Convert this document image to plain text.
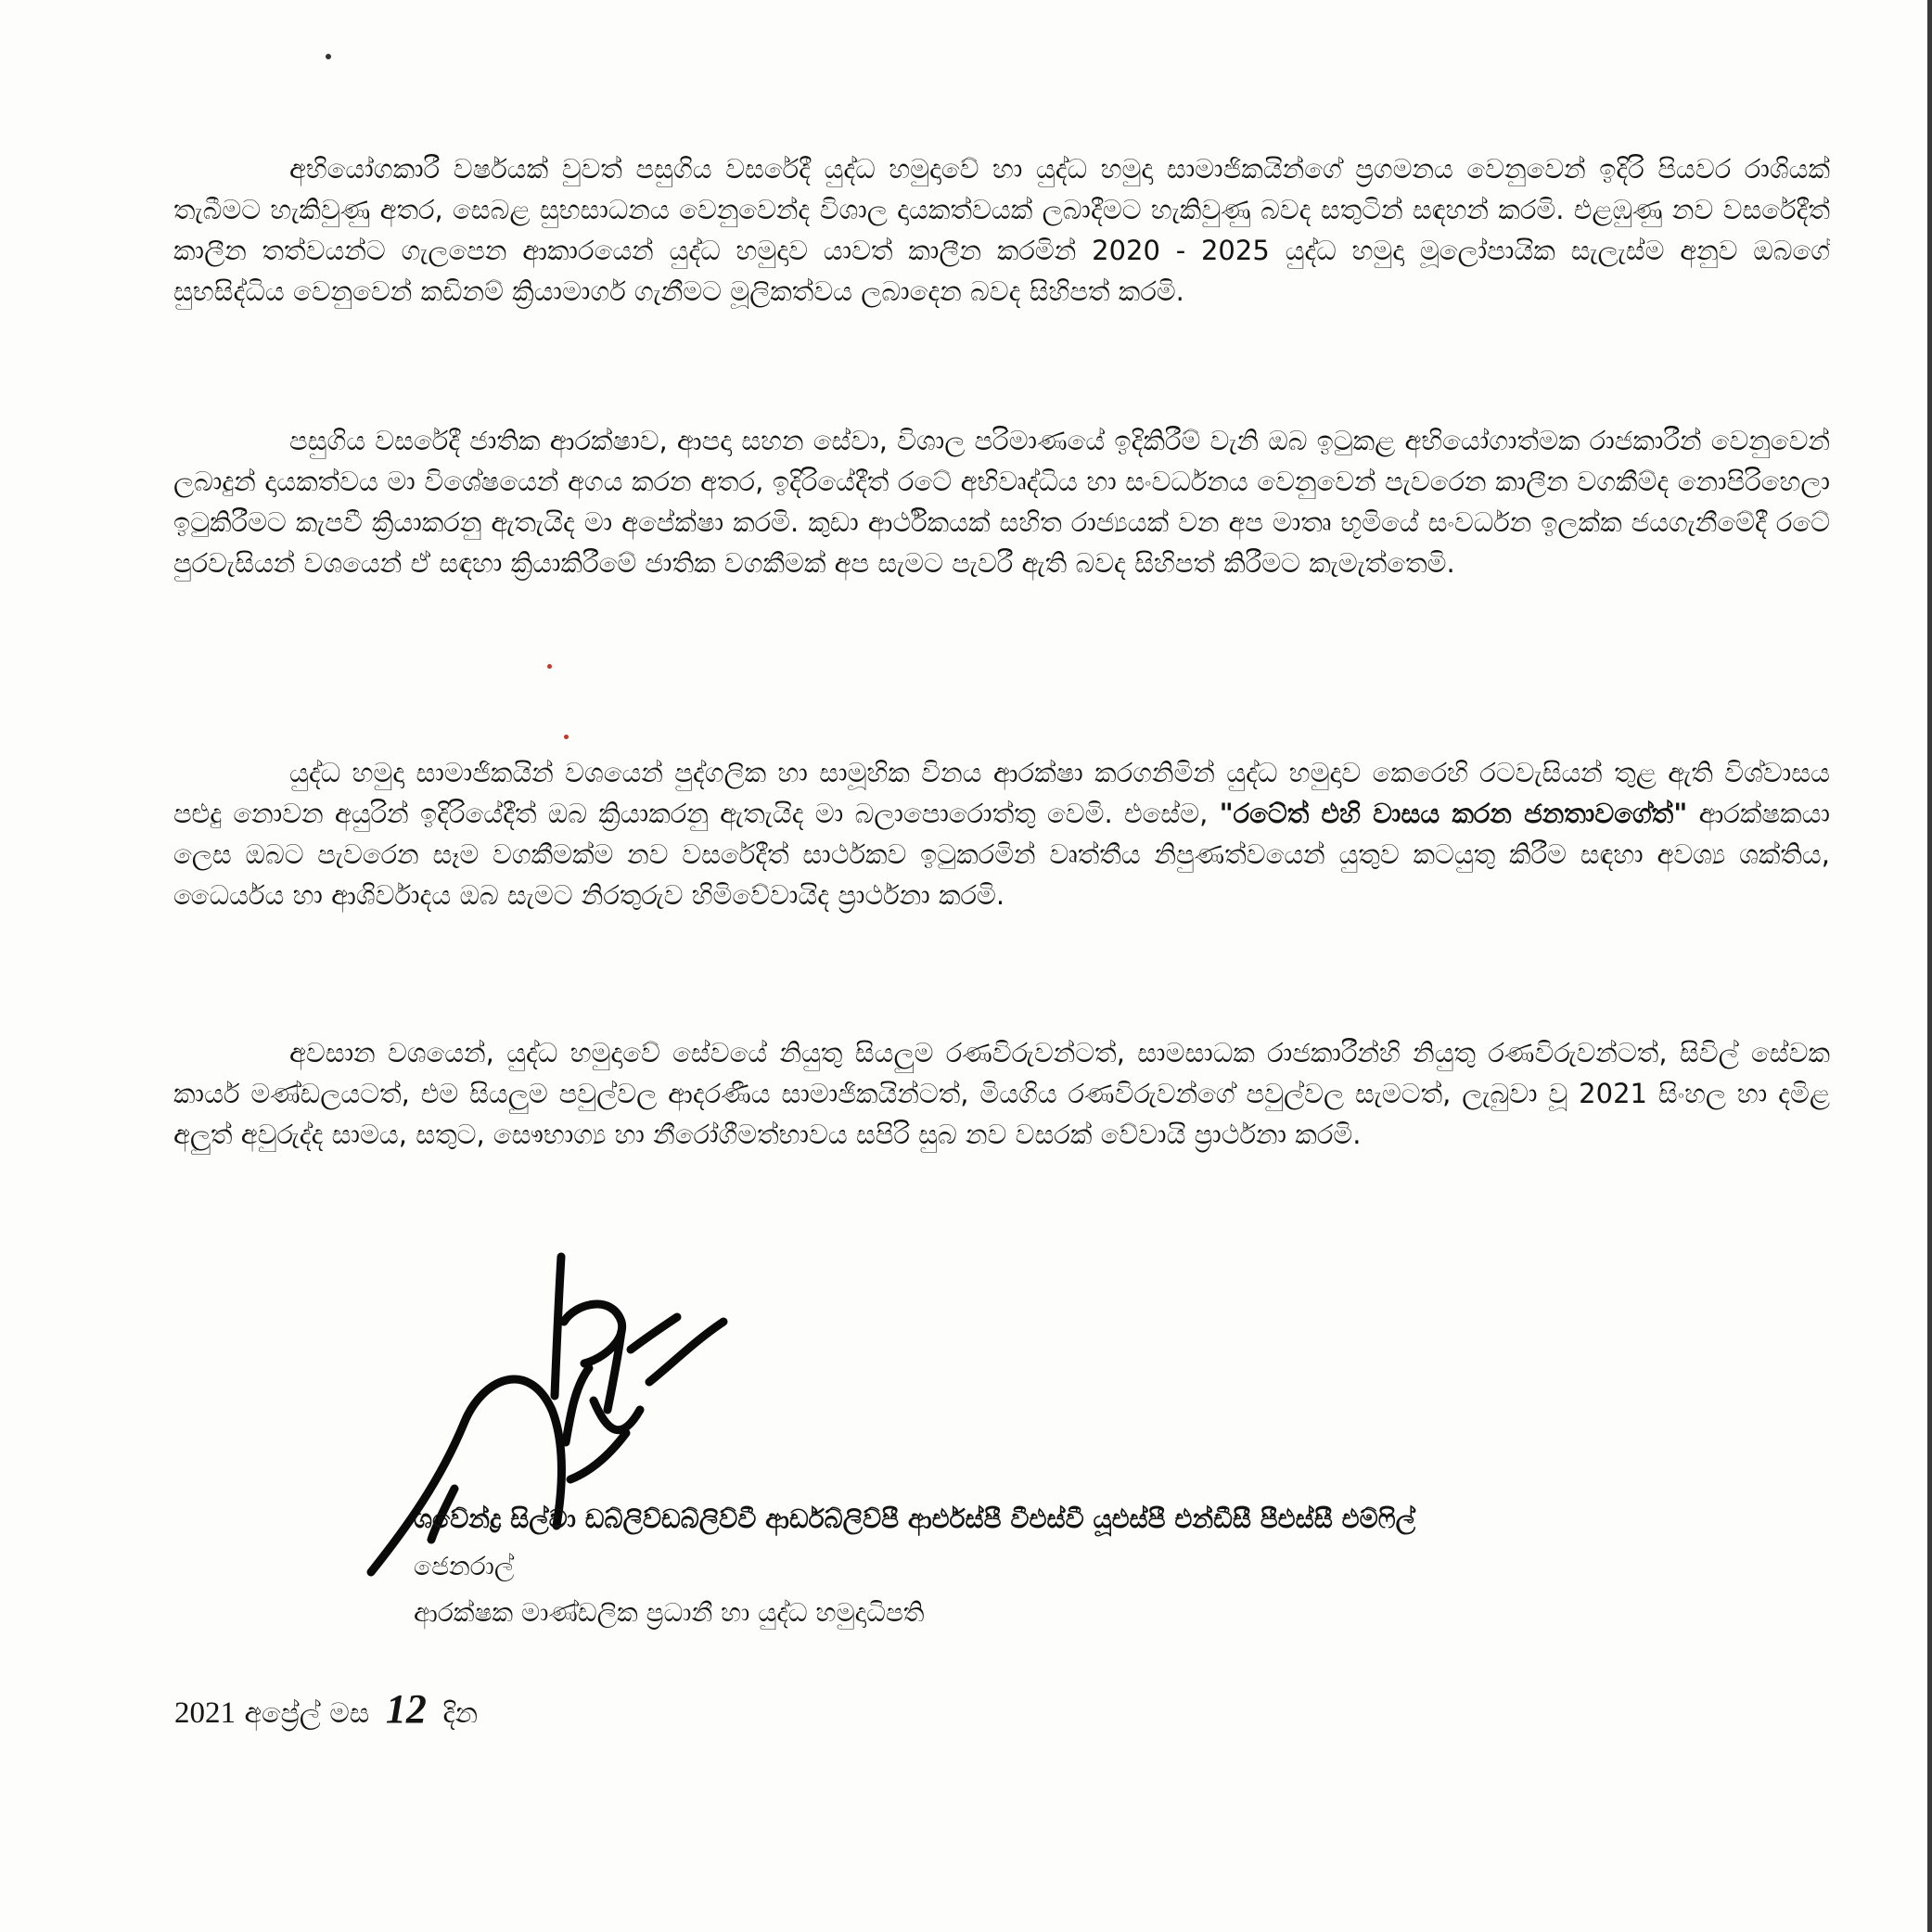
අභියෝගකාරී වර්ෂයක් වුවත් පසුගිය වසරේදී යුද්ධ හමුදාවේ හා යුද්ධ හමුදා සාමාජිකයින්ගේ ප්‍රගමනය වෙනුවෙන් ඉදිරි පියවර රාශියක් තැබීමට හැකිවුණු අතර, සෙබළ සුභසාධනය වෙනුවෙන්ද විශාල දායකත්වයක් ලබාදීමට හැකිවුණු බවද සතුටින් සඳහන් කරමි. එළඹුණු නව වසරේදීත් කාලීන තත්වයන්ට ගැලපෙන ආකාරයෙන් යුද්ධ හමුදාව යාවත් කාලීන කරමින් 2020 - 2025 යුද්ධ හමුදා මූලෝපායික සැලැස්ම අනුව ඔබගේ සුභසිද්ධිය වෙනුවෙන් කඩිනම් ක්‍රියාමාර්ග ගැනීමට මූලිකත්වය ලබාදෙන බවද සිහිපත් කරමි.

පසුගිය වසරේදී ජාතික ආරක්ෂාව, ආපදා සහන සේවා, විශාල පරිමාණයේ ඉදිකිරීම් වැනි ඔබ ඉටුකළ අභියෝගාත්මක රාජකාරීන් වෙනුවෙන් ලබාදුන් දායකත්වය මා විශේෂයෙන් අගය කරන අතර, ඉදිරියේදීත් රටේ අභිවෘද්ධිය හා සංවර්ධනය වෙනුවෙන් පැවරෙන කාලීන වගකීම්ද නොපිරිහෙලා ඉටුකිරීමට කැපවී ක්‍රියාකරනු ඇතැයිද මා අපේක්ෂා කරමි. කුඩා ආර්ථිකයක් සහිත රාජ්‍යයක් වන අප මාතෘ භූමියේ සංවර්ධන ඉලක්ක ජයගැනීමේදී රටේ පුරවැසියන් වශයෙන් ඒ සඳහා ක්‍රියාකිරීමේ ජාතික වගකීමක් අප සැමට පැවරී ඇති බවද සිහිපත් කිරීමට කැමැත්තෙමි.

යුද්ධ හමුදා සාමාජිකයින් වශයෙන් පුද්ගලික හා සාමූහික විනය ආරක්ෂා කරගනිමින් යුද්ධ හමුදාව කෙරෙහි රටවැසියන් තුළ ඇති විශ්වාසය පළුදු නොවන අයුරින් ඉදිරියේදීත් ඔබ ක්‍රියාකරනු ඇතැයිද මා බලාපොරොත්තු වෙමි. එසේම, "රටේත් එහි වාසය කරන ජනතාවගේත්" ආරක්ෂකයා ලෙස ඔබට පැවරෙන සෑම වගකීමක්ම නව වසරේදීත් සාර්ථකව ඉටුකරමින් වෘත්තීය නිපුණත්වයෙන් යුතුව කටයුතු කිරීම සඳහා අවශ්‍ය ශක්තිය, ධෛර්යය හා ආශිර්වාදය ඔබ සැමට නිරතුරුව හිමිවේවායිද ප්‍රාර්ථනා කරමි.

අවසාන වශයෙන්, යුද්ධ හමුදාවේ සේවයේ නියුතු සියලුම රණවිරුවන්ටත්, සාමසාධක රාජකාරීන්හි නියුතු රණවිරුවන්ටත්, සිවිල් සේවක කාර්ය මණ්ඩලයටත්, එම සියලුම පවුල්වල ආදරණීය සාමාජිකයින්ටත්, මියගිය රණවිරුවන්ගේ පවුල්වල සැමටත්, ලැබුවා වූ 2021 සිංහල හා දමිළ අලුත් අවුරුද්ද සාමය, සතුට, සෞභාග්‍ය හා නීරෝගීමත්භාවය සපිරි සුබ නව වසරක් වේවායි ප්‍රාර්ථනා කරමි.

ශවේන්ද්‍ර සිල්වා ඩබ්ලිව්ඩබ්ලිව්වී ආර්ඩබ්ලිව්පී ආර්එස්පී වීඑස්වී යූඑස්පී එන්ඩීසී පීඑස්සී එම්ෆිල්
ජෙනරාල්
ආරක්ෂක මාණ්ඩලික ප්‍රධානී හා යුද්ධ හමුදාධිපති
2021 අප්‍රේල් මස 12 දින
